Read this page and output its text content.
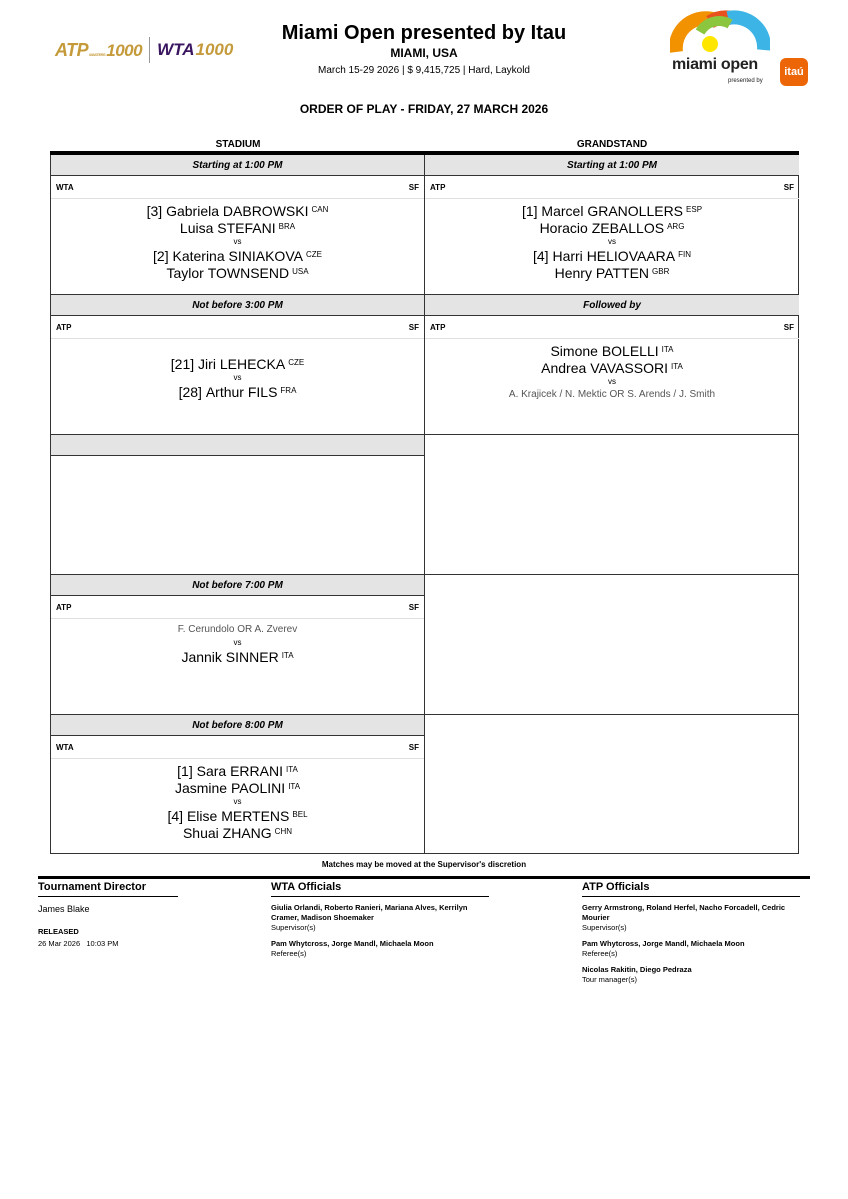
ATP MASTERS 1000 WTA 1000
Miami Open presented by Itau
MIAMI, USA
March 15-29 2026 | $ 9,415,725 | Hard, Laykold	miami open
presented by
itaú
ORDER OF PLAY - FRIDAY, 27 MARCH 2026
STADIUM	GRANDSTAND
Starting at 1:00 PM
WTA	SF
[3] Gabriela DABROWSKI $^{CAN}$
Luisa STEFANI $^{BRA}$
vs
[2] Katerina SINIAKOVA $^{CZE}$
Taylor TOWNSEND $^{USA}$
Not before 3:00 PM
ATP	SF
[21] Jiri LEHECKA $^{CZE}$
vs
[28] Arthur FILS $^{FRA}$
Not before 7:00 PM
ATP	SF
F. Cerundolo OR A. Zverev
vs
Jannik SINNER $^{ITA}$
Not before 8:00 PM
WTA	SF
[1] Sara ERRANI $^{ITA}$
Jasmine PAOLINI $^{ITA}$
vs
[4] Elise MERTENS $^{BEL}$
Shuai ZHANG $^{CHN}$
Starting at 1:00 PM
ATP	SF
[1] Marcel GRANOLLERS $^{ESP}$
Horacio ZEBALLOS $^{ARG}$
vs
[4] Harri HELIOVAARA $^{FIN}$
Henry PATTEN $^{GBR}$
Followed by
ATP	SF
Simone BOLELLI $^{ITA}$
Andrea VAVASSORI $^{ITA}$
vs
A. Krajicek / N. Mektic OR S. Arends / J. Smith
Matches may be moved at the Supervisor's discretion
Tournament Director
James Blake
RELEASED
26 Mar 2026 10:03 PM
WTA Officials
Giulia Orlandi, Roberto Ranieri, Mariana Alves, Kerrilyn Cramer, Madison Shoemaker
Supervisor(s)
Pam Whytcross, Jorge Mandl, Michaela Moon
Referee(s)
ATP Officials
Gerry Armstrong, Roland Herfel, Nacho Forcadell, Cedric Mourier
Supervisor(s)
Pam Whytcross, Jorge Mandl, Michaela Moon
Referee(s)
Nicolas Rakitin, Diego Pedraza
Tour manager(s)
